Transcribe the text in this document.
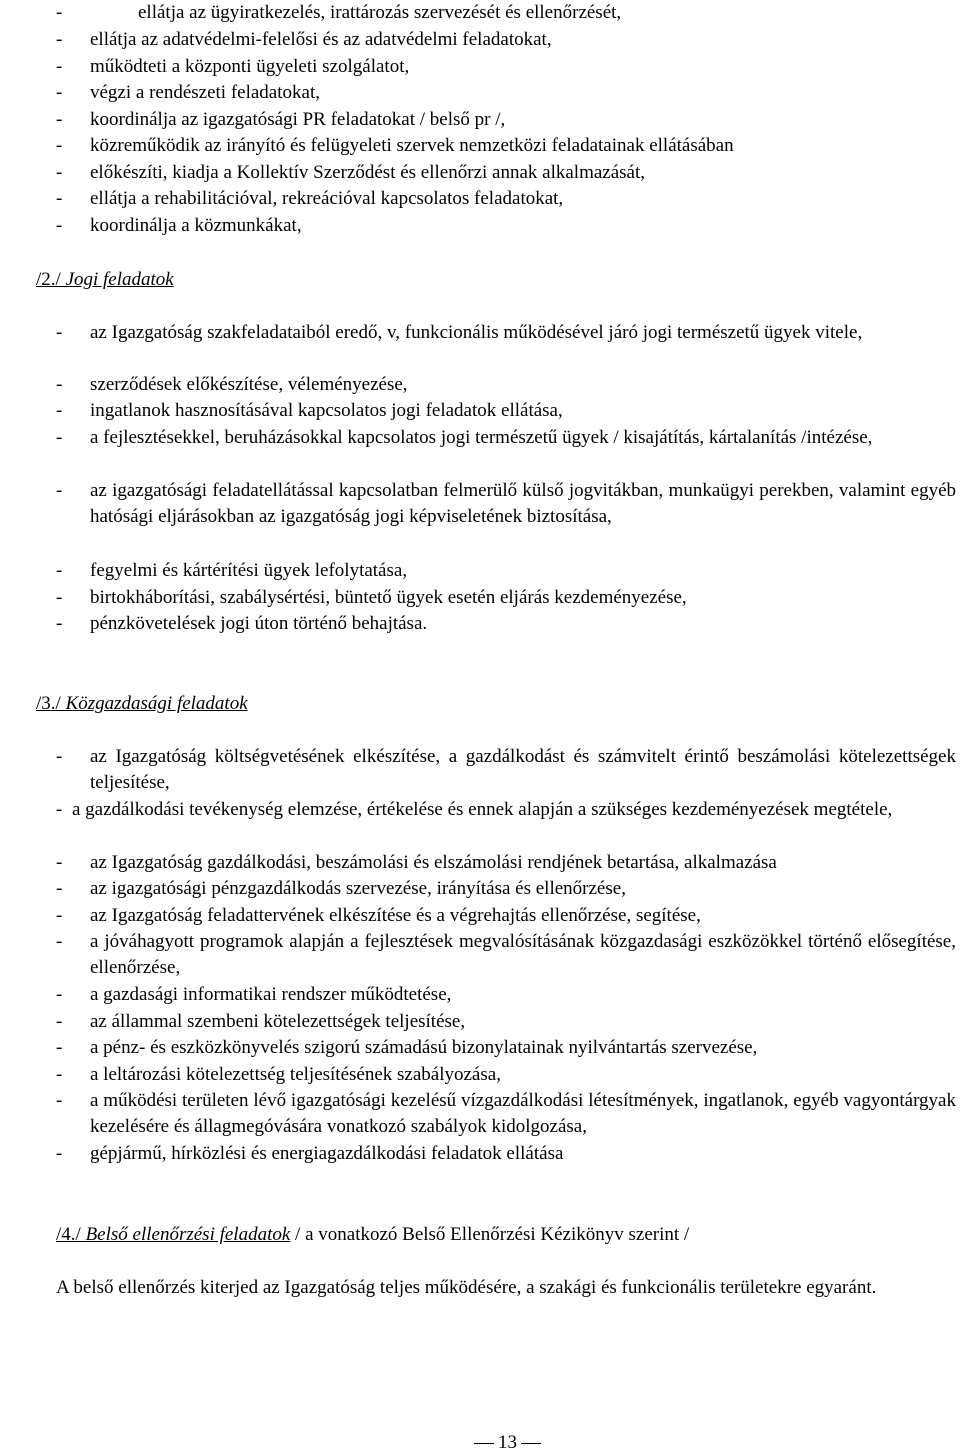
-	ellátja az ügyiratkezelés, irattározás szervezését és ellenőrzését,
- ellátja az adatvédelmi-felelősi és az adatvédelmi feladatokat,
- működteti a központi ügyeleti szolgálatot,
- végzi a rendészeti feladatokat,
- koordinálja az igazgatósági PR feladatokat / belső pr /,
- közreműködik az irányító és felügyeleti szervek nemzetközi feladatainak ellátásában
- előkészíti, kiadja a Kollektív Szerződést és ellenőrzi annak alkalmazását,
- ellátja a rehabilitációval, rekreációval kapcsolatos feladatokat,
- koordinálja a közmunkákat,
/2./ Jogi feladatok
- az Igazgatóság szakfeladataiból eredő, v, funkcionális működésével járó jogi természetű ügyek vitele,
- szerződések előkészítése, véleményezése,
- ingatlanok hasznosításával kapcsolatos jogi feladatok ellátása,
- a fejlesztésekkel, beruházásokkal kapcsolatos jogi természetű ügyek / kisajátítás, kártalanítás /intézése,
- az igazgatósági feladatellátással kapcsolatban felmerülő külső jogvitákban, munkaügyi perekben, valamint egyéb hatósági eljárásokban az igazgatóság jogi képviseletének biztosítása,
- fegyelmi és kártérítési ügyek lefolytatása,
- birtokháborítási, szabálysértési, büntető ügyek esetén eljárás kezdeményezése,
- pénzkövetelések jogi úton történő behajtása.
/3./ Közgazdasági feladatok
- az Igazgatóság költségvetésének elkészítése, a gazdálkodást és számvitelt érintő beszámolási kötelezettségek teljesítése,
- a gazdálkodási tevékenység elemzése, értékelése és ennek alapján a szükséges kezdeményezések megtétele,
- az Igazgatóság gazdálkodási, beszámolási és elszámolási rendjének betartása, alkalmazása
- az igazgatósági pénzgazdálkodás szervezése, irányítása és ellenőrzése,
- az Igazgatóság feladattervének elkészítése és a végrehajtás ellenőrzése, segítése,
- a jóváhagyott programok alapján a fejlesztések megvalósításának közgazdasági eszközökkel történő elősegítése, ellenőrzése,
- a gazdasági informatikai rendszer működtetése,
- az állammal szembeni kötelezettségek teljesítése,
- a pénz- és eszközkönyvelés szigorú számadású bizonylatainak nyilvántartás szervezése,
- a leltározási kötelezettség teljesítésének szabályozása,
- a működési területen lévő igazgatósági kezelésű vízgazdálkodási létesítmények, ingatlanok, egyéb vagyontárgyak kezelésére és állagmegóvására vonatkozó szabályok kidolgozása,
- gépjármű, hírközlési és energiagazdálkodási feladatok ellátása
/4./ Belső ellenőrzési feladatok / a vonatkozó Belső Ellenőrzési Kézikönyv szerint /
A belső ellenőrzés kiterjed az Igazgatóság teljes működésére, a szakági és funkcionális területekre egyaránt.
13
